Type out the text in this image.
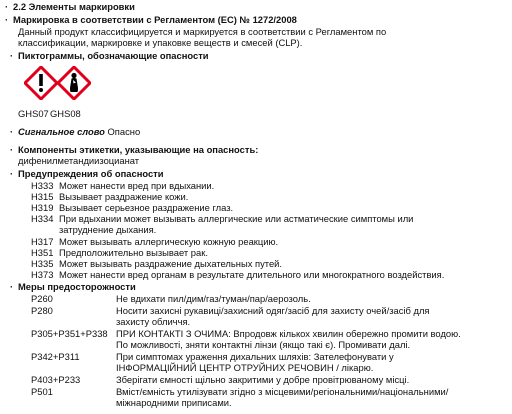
· 2.2 Элементы маркировки
· Маркировка в соответствии с Регламентом (EC) № 1272/2008
Данный продукт классифицируется и маркируется в соответствии с Регламентом по
классификации, маркировке и упаковке веществ и смесей (CLP).
· Пиктограммы, обозначающие опасности
GHS07 GHS08
· Сигнальное слово Опасно
· Компоненты этикетки, указывающие на опасность:
дифенилметандиизоцианат
· Предупреждения об опасности
H333 Может нанести вред при вдыхании.
H315 Вызывает раздражение кожи.
H319 Вызывает серьезное раздражение глаз.
H334 При вдыхании может вызывать аллергические или астматические симптомы или
затруднение дыхания.
H317 Может вызывать аллергическую кожную реакцию.
H351 Предположительно вызывает рак.
H335 Может вызывать раздражение дыхательных путей.
H373 Может нанести вред органам в результате длительного или многократного воздействия.
· Меры предосторожности
P260	Не вдихати пил/дим/газ/туман/пар/аерозоль.
P280	Носити захисні рукавиці/захисний одяг/засіб для захисту очей/засіб для
захисту обличчя.
P305+P351+P338 ПРИ КОНТАКТІ З ОЧИМА: Впродовж кількох хвилин обережно промити водою.
По можливості, зняти контактні лінзи (якщо такі є). Промивати далі.
P342+P311	При симптомах ураження дихальних шляхів: Зателефонувати у
ІНФОРМАЦІЙНИЙ ЦЕНТР ОТРУЙНИХ РЕЧОВИН / лікарю.
P403+P233	Зберігати ємності щільно закритими у добре провітрюваному місці.
P501	Вміст/ємність утилізувати згідно з місцевими/регіональними/національними/
міжнародними приписами.
